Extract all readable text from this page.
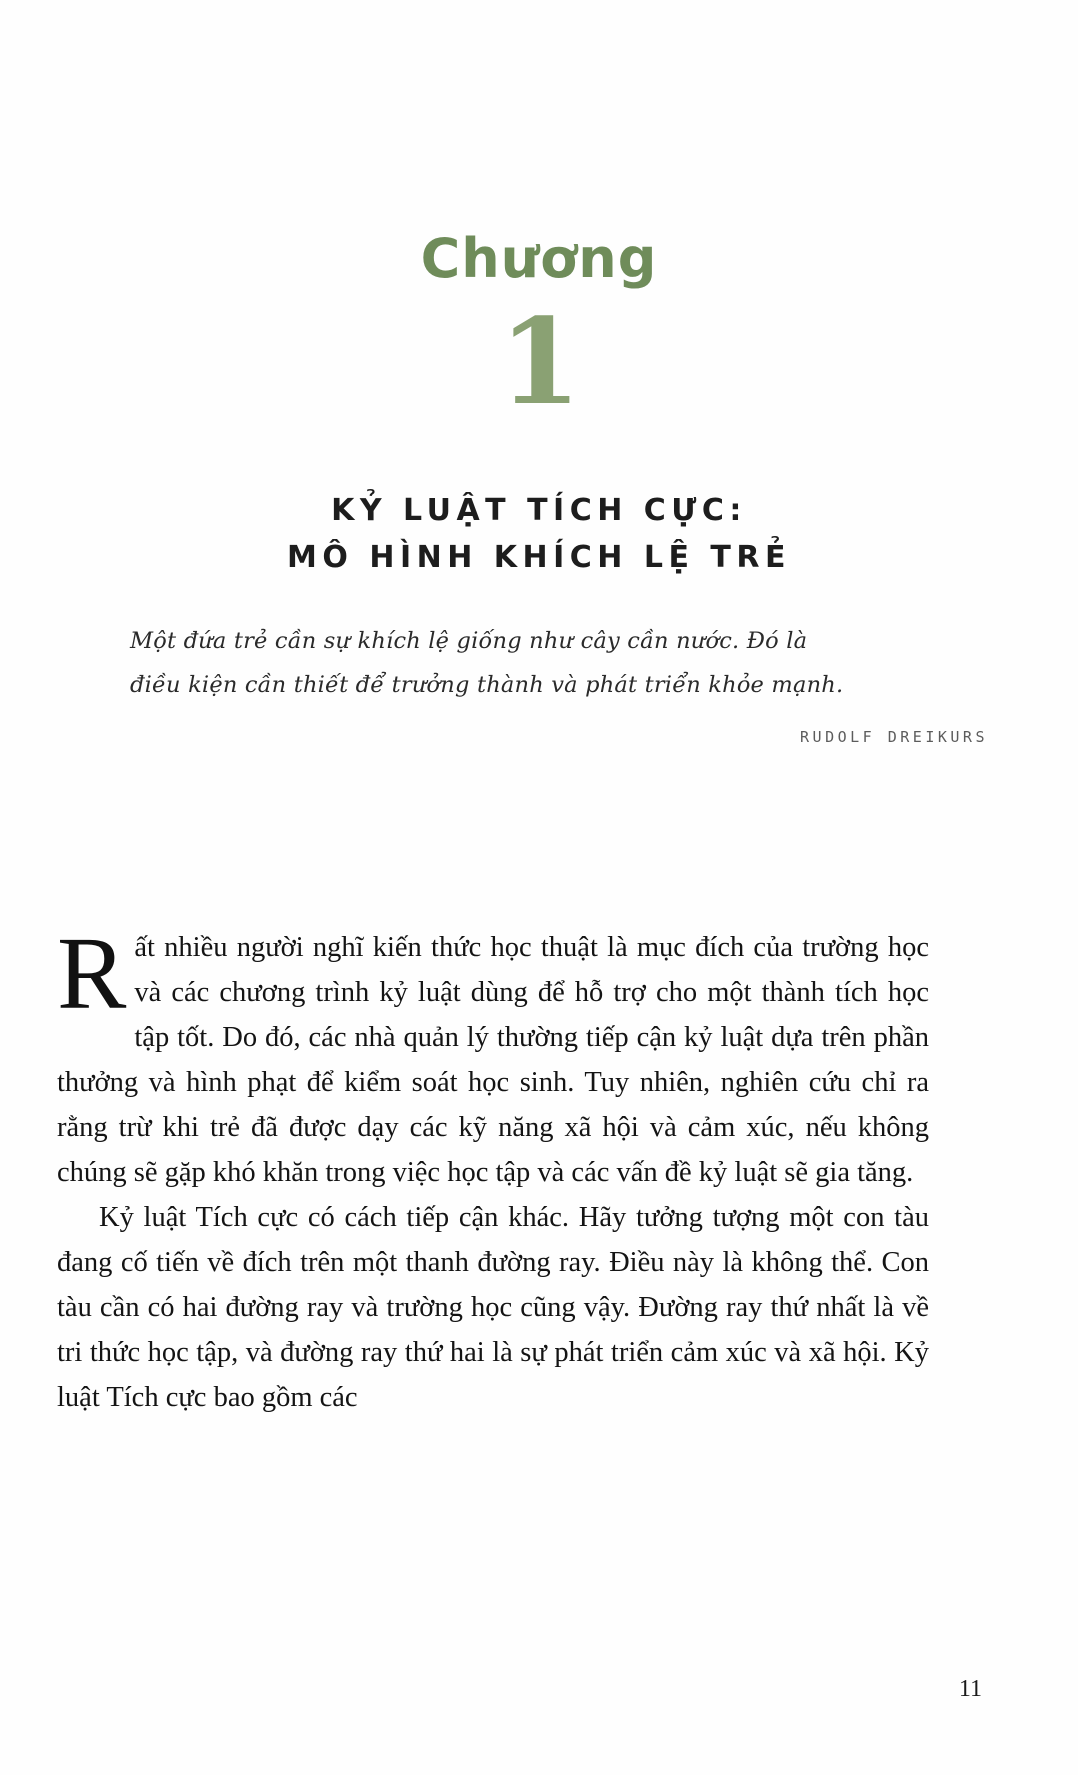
Chương
1
KỶ LUẬT TÍCH CỰC:
MÔ HÌNH KHÍCH LỆ TRẺ
Một đứa trẻ cần sự khích lệ giống như cây cần nước. Đó là
điều kiện cần thiết để trưởng thành và phát triển khỏe mạnh.
RUDOLF DREIKURS

Rất nhiều người nghĩ kiến thức học thuật là mục đích của trường học và các chương trình kỷ luật dùng để hỗ trợ cho một thành tích học tập tốt. Do đó, các nhà quản lý thường tiếp cận kỷ luật dựa trên phần thưởng và hình phạt để kiểm soát học sinh. Tuy nhiên, nghiên cứu chỉ ra rằng trừ khi trẻ đã được dạy các kỹ năng xã hội và cảm xúc, nếu không chúng sẽ gặp khó khăn trong việc học tập và các vấn đề kỷ luật sẽ gia tăng.

Kỷ luật Tích cực có cách tiếp cận khác. Hãy tưởng tượng một con tàu đang cố tiến về đích trên một thanh đường ray. Điều này là không thể. Con tàu cần có hai đường ray và trường học cũng vậy. Đường ray thứ nhất là về tri thức học tập, và đường ray thứ hai là sự phát triển cảm xúc và xã hội. Kỷ luật Tích cực bao gồm các

11
